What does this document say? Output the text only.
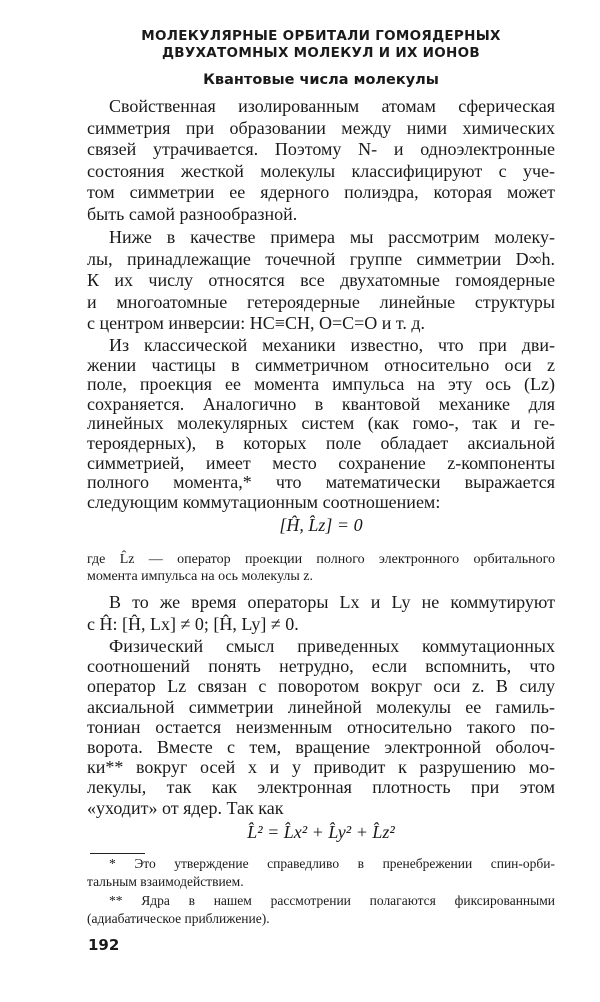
МОЛЕКУЛЯРНЫЕ ОРБИТАЛИ ГОМОЯДЕРНЫХ
ДВУХАТОМНЫХ МОЛЕКУЛ И ИХ ИОНОВ
Квантовые числа молекулы
Свойственная изолированным атомам сферическая
симметрия при образовании между ними химических
связей утрачивается. Поэтому N- и одноэлектронные
состояния жесткой молекулы классифицируют с уче-
том симметрии ее ядерного полиэдра, которая может
быть самой разнообразной.
Ниже в качестве примера мы рассмотрим молеку-
лы, принадлежащие точечной группе симметрии D∞h.
К их числу относятся все двухатомные гомоядерные
и многоатомные гетероядерные линейные структуры
с центром инверсии: HC≡CH, O=C=O и т. д.
Из классической механики известно, что при дви-
жении частицы в симметричном относительно оси z
поле, проекция ее момента импульса на эту ось (Lz)
сохраняется. Аналогично в квантовой механике для
линейных молекулярных систем (как гомо-, так и ге-
тероядерных), в которых поле обладает аксиальной
симметрией, имеет место сохранение z-компоненты
полного момента,* что математически выражается
следующим коммутационным соотношением:
[Ĥ, L̂z] = 0
где L̂z — оператор проекции полного электронного орбитального
момента импульса на ось молекулы z.
В то же время операторы Lx и Ly не коммутируют
с Ĥ: [Ĥ, Lx] ≠ 0; [Ĥ, Ly] ≠ 0.
Физический смысл приведенных коммутационных
соотношений понять нетрудно, если вспомнить, что
оператор Lz связан с поворотом вокруг оси z. В силу
аксиальной симметрии линейной молекулы ее гамиль-
тониан остается неизменным относительно такого по-
ворота. Вместе с тем, вращение электронной оболоч-
ки** вокруг осей x и y приводит к разрушению мо-
лекулы, так как электронная плотность при этом
«уходит» от ядер. Так как
L̂² = L̂x² + L̂y² + L̂z²
* Это утверждение справедливо в пренебрежении спин-орби-
тальным взаимодействием.
** Ядра в нашем рассмотрении полагаются фиксированными
(адиабатическое приближение).
192
